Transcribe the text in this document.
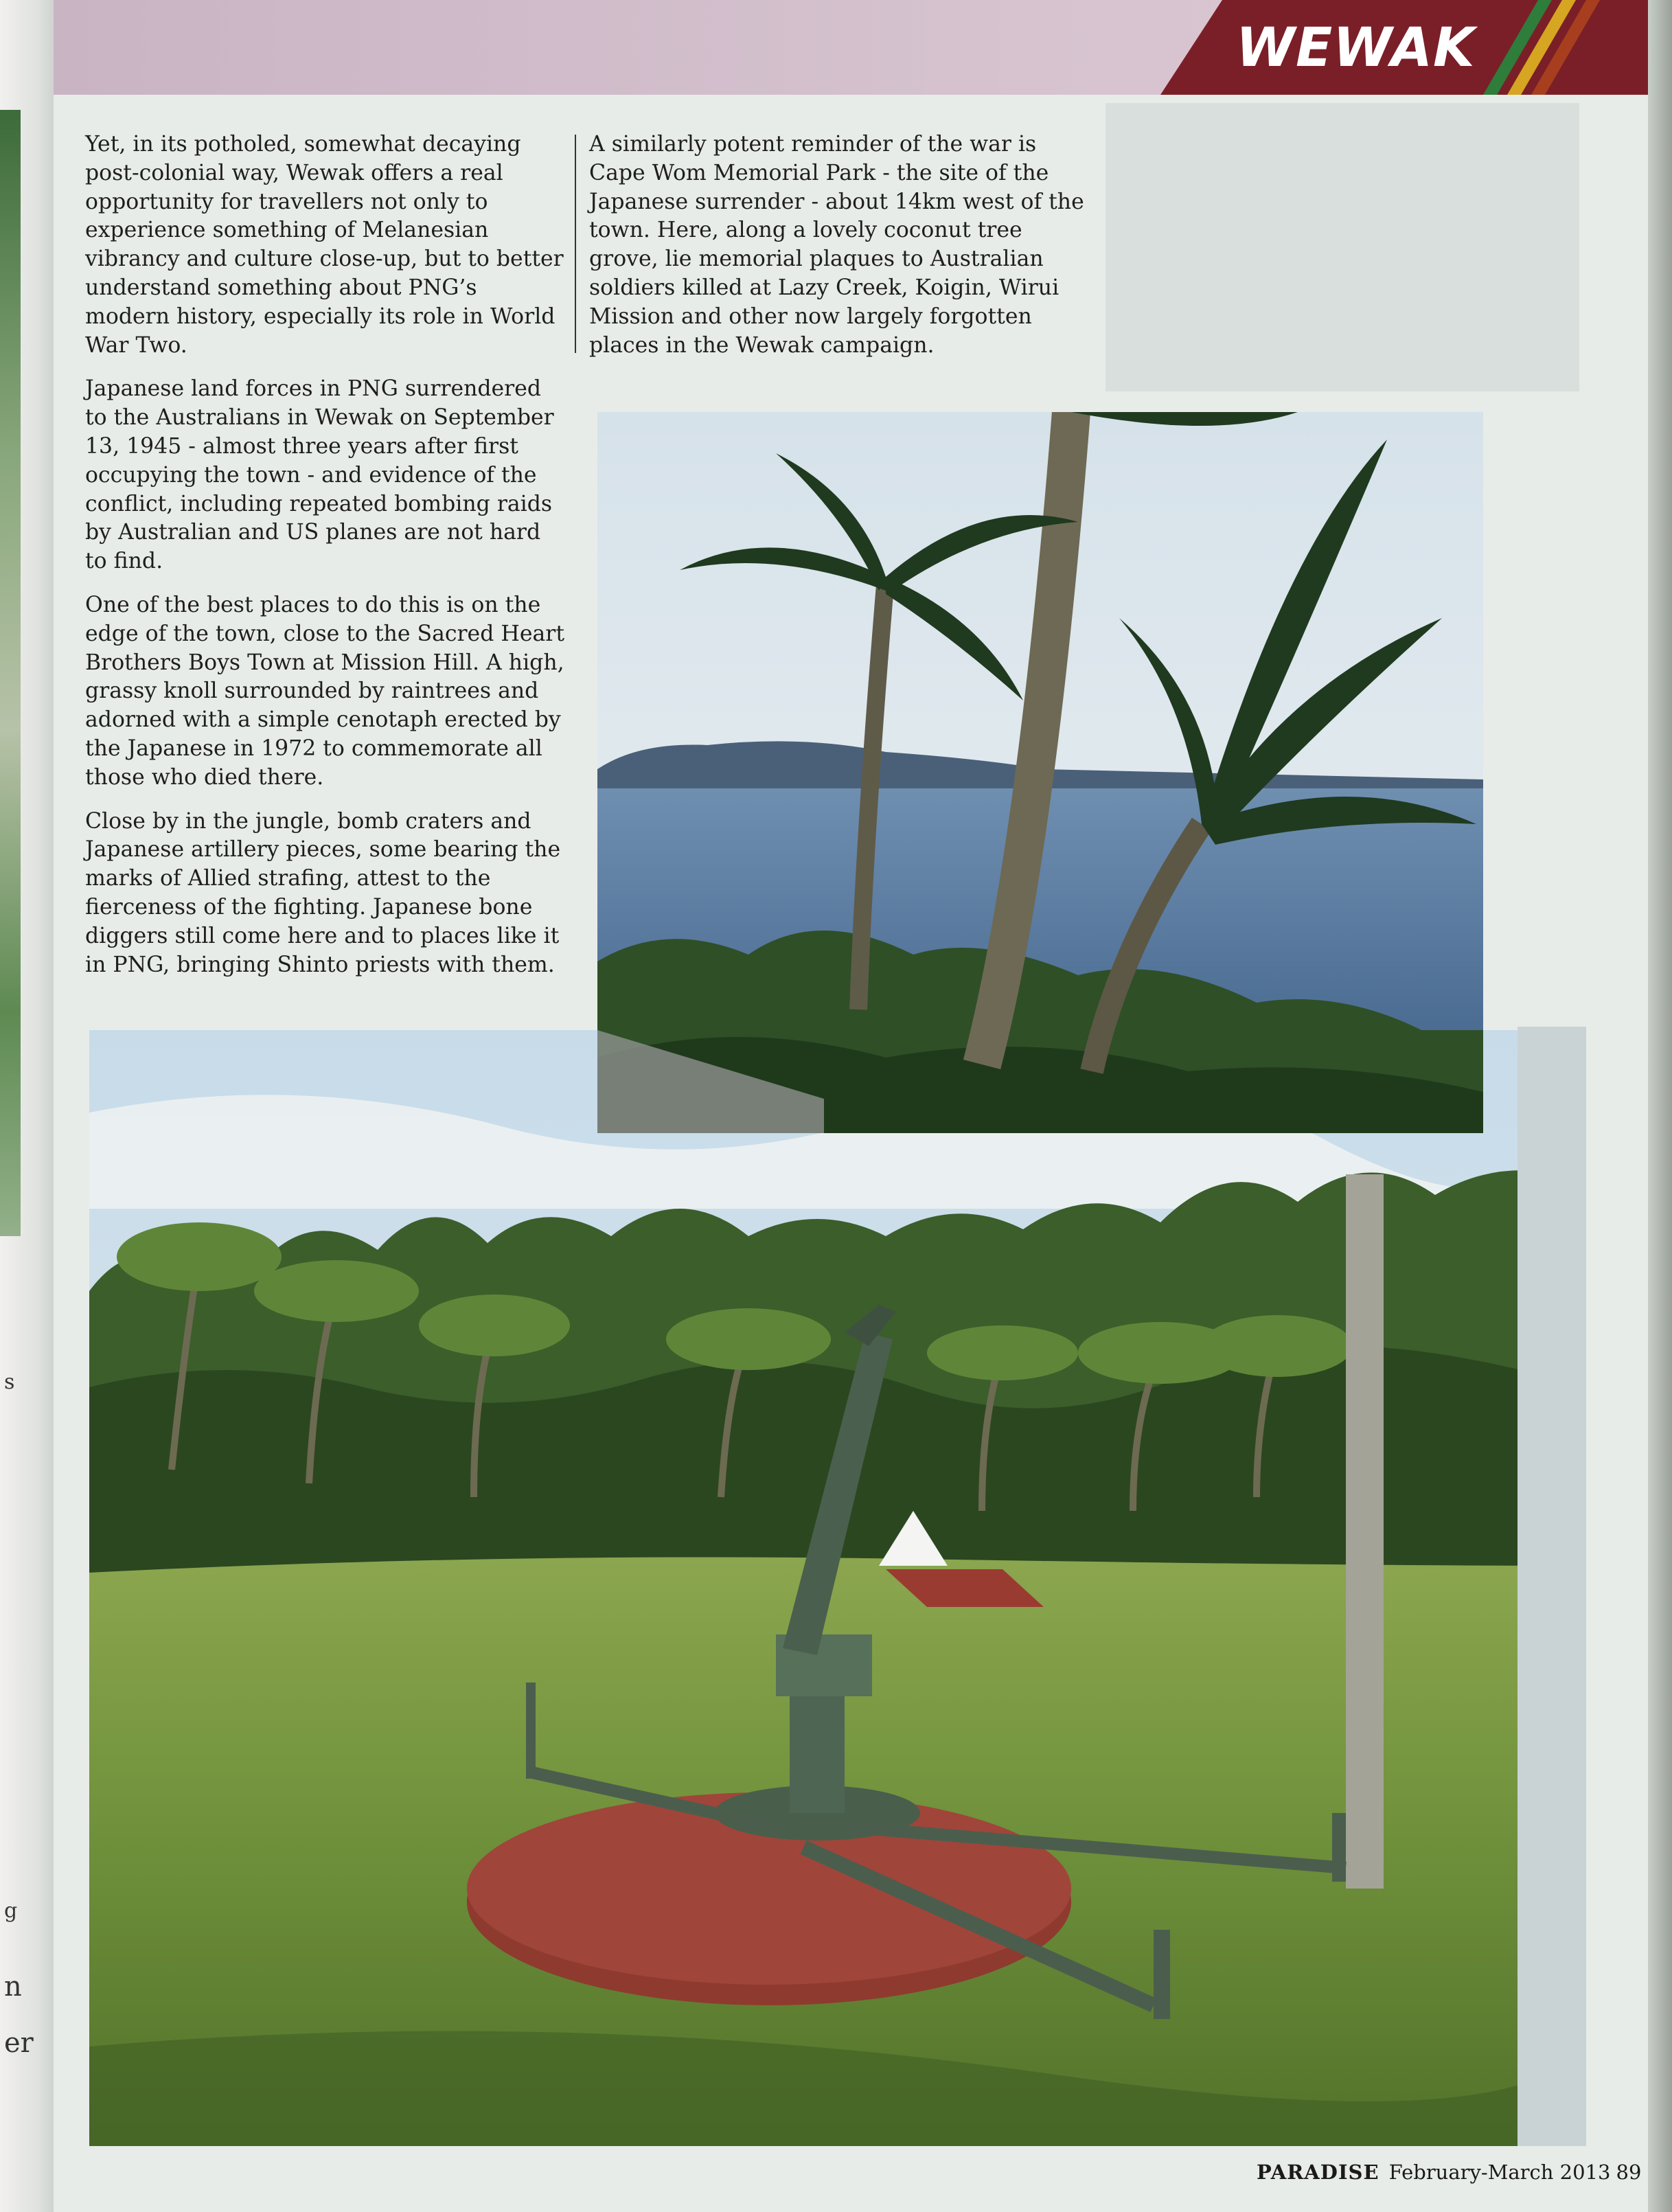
s
g
n
er
WEWAK

Yet, in its potholed, somewhat decaying post-colonial way, Wewak offers a real opportunity for travellers not only to experience something of Melanesian vibrancy and culture close-up, but to better understand something about PNG’s modern history, especially its role in World War Two.

Japanese land forces in PNG surrendered to the Australians in Wewak on September 13, 1945 - almost three years after first occupying the town - and evidence of the conflict, including repeated bombing raids by Australian and US planes are not hard to find.

One of the best places to do this is on the edge of the town, close to the Sacred Heart Brothers Boys Town at Mission Hill. A high, grassy knoll surrounded by raintrees and adorned with a simple cenotaph erected by the Japanese in 1972 to commemorate all those who died there.

Close by in the jungle, bomb craters and Japanese artillery pieces, some bearing the marks of Allied strafing, attest to the fierceness of the fighting. Japanese bone diggers still come here and to places like it in PNG, bringing Shinto priests with them.

A similarly potent reminder of the war is Cape Wom Memorial Park - the site of the Japanese surrender - about 14km west of the town. Here, along a lovely coconut tree grove, lie memorial plaques to Australian soldiers killed at Lazy Creek, Koigin, Wirui Mission and other now largely forgotten places in the Wewak campaign.

PARADISE February-March 2013 89
